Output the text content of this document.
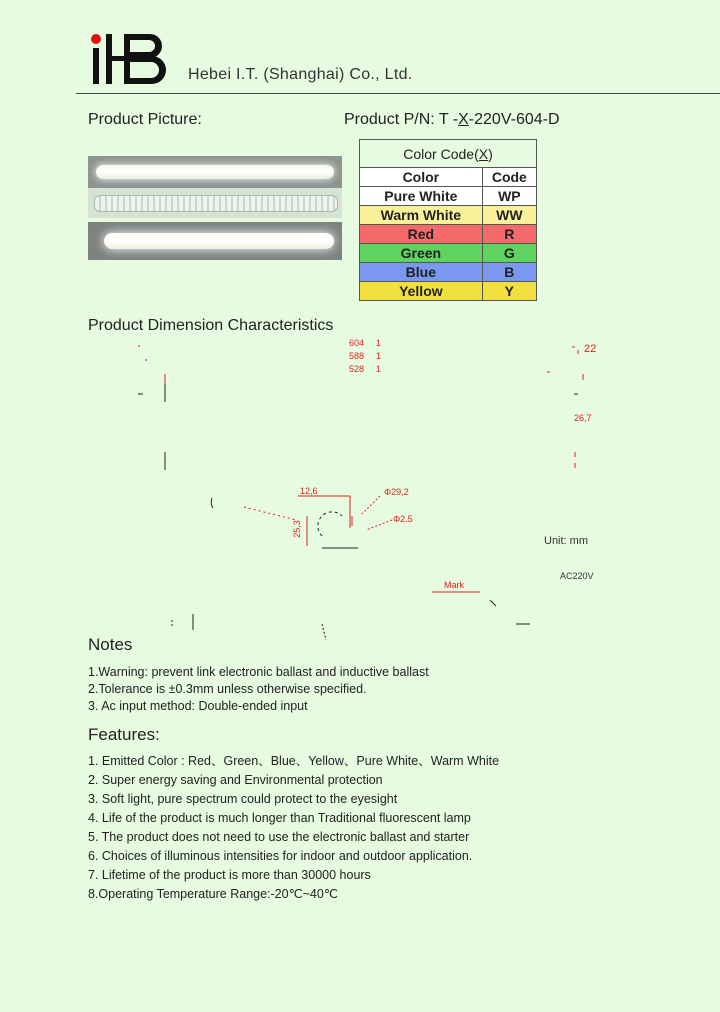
Hebei I.T. (Shanghai) Co., Ltd.
Product Picture:	Product P/N: T -X-220V-604-D
Color Code(X)	
Color	Code
Pure White	WP
Warm White	WW
Red	R
Green	G
Blue	B
Yellow	Y
Product Dimension Characteristics
604 1
588 1
528 1
22
26,7
12,6	Φ29,2
Φ2.5
25,3
Unit: mm
Mark
AC220V
Notes
1.Warning: prevent link electronic ballast and inductive ballast
2.Tolerance is ±0.3mm unless otherwise specified.
3. Ac input method: Double-ended input
Features:
1. Emitted Color : Red、Green、Blue、Yellow、Pure White、Warm White
2. Super energy saving and Environmental protection
3. Soft light, pure spectrum could protect to the eyesight
4. Life of the product is much longer than Traditional fluorescent lamp
5. The product does not need to use the electronic ballast and starter
6. Choices of illuminous intensities for indoor and outdoor application.
7. Lifetime of the product is more than 30000 hours
8.Operating Temperature Range:-20℃~40℃
